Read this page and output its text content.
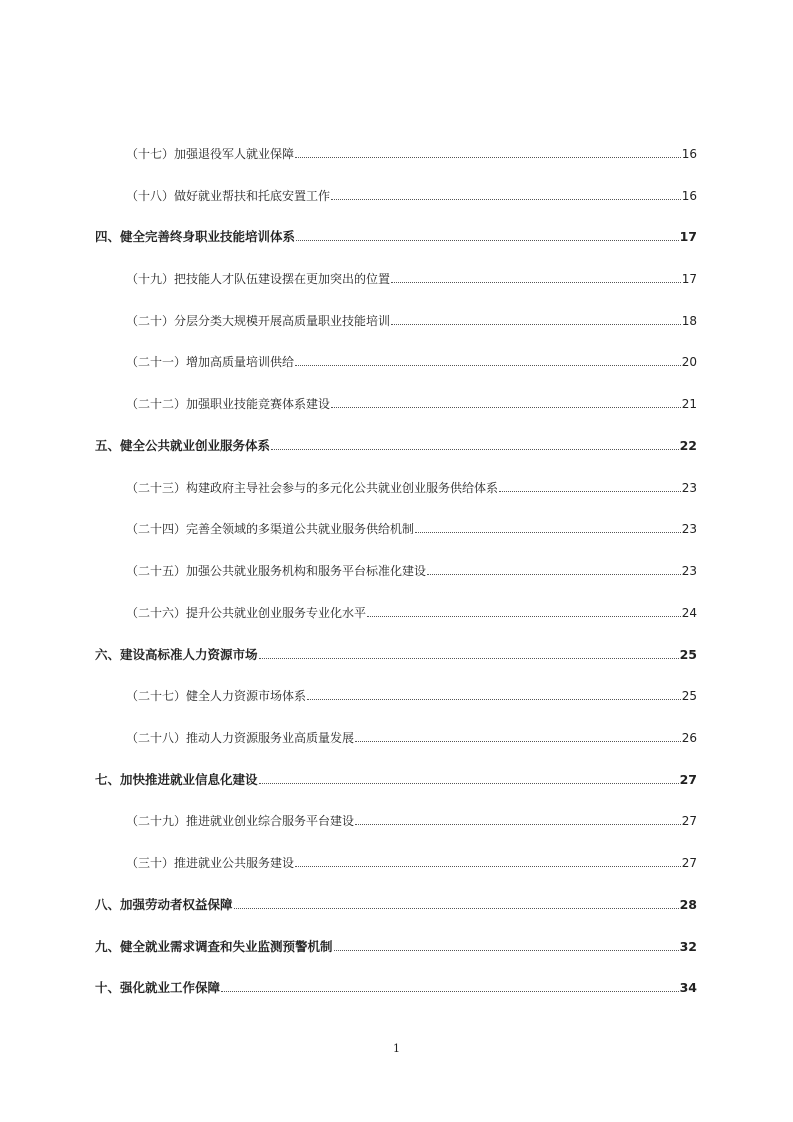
（十七）加强退役军人就业保障	16
（十八）做好就业帮扶和托底安置工作	16
四、健全完善终身职业技能培训体系	17
（十九）把技能人才队伍建设摆在更加突出的位置	17
（二十）分层分类大规模开展高质量职业技能培训	18
（二十一）增加高质量培训供给	20
（二十二）加强职业技能竞赛体系建设	21
五、健全公共就业创业服务体系	22
（二十三）构建政府主导社会参与的多元化公共就业创业服务供给体系	23
（二十四）完善全领域的多渠道公共就业服务供给机制	23
（二十五）加强公共就业服务机构和服务平台标准化建设	23
（二十六）提升公共就业创业服务专业化水平	24
六、建设高标准人力资源市场	25
（二十七）健全人力资源市场体系	25
（二十八）推动人力资源服务业高质量发展	26
七、加快推进就业信息化建设	27
（二十九）推进就业创业综合服务平台建设	27
（三十）推进就业公共服务建设	27
八、加强劳动者权益保障	28
九、健全就业需求调查和失业监测预警机制	32
十、强化就业工作保障	34
1
